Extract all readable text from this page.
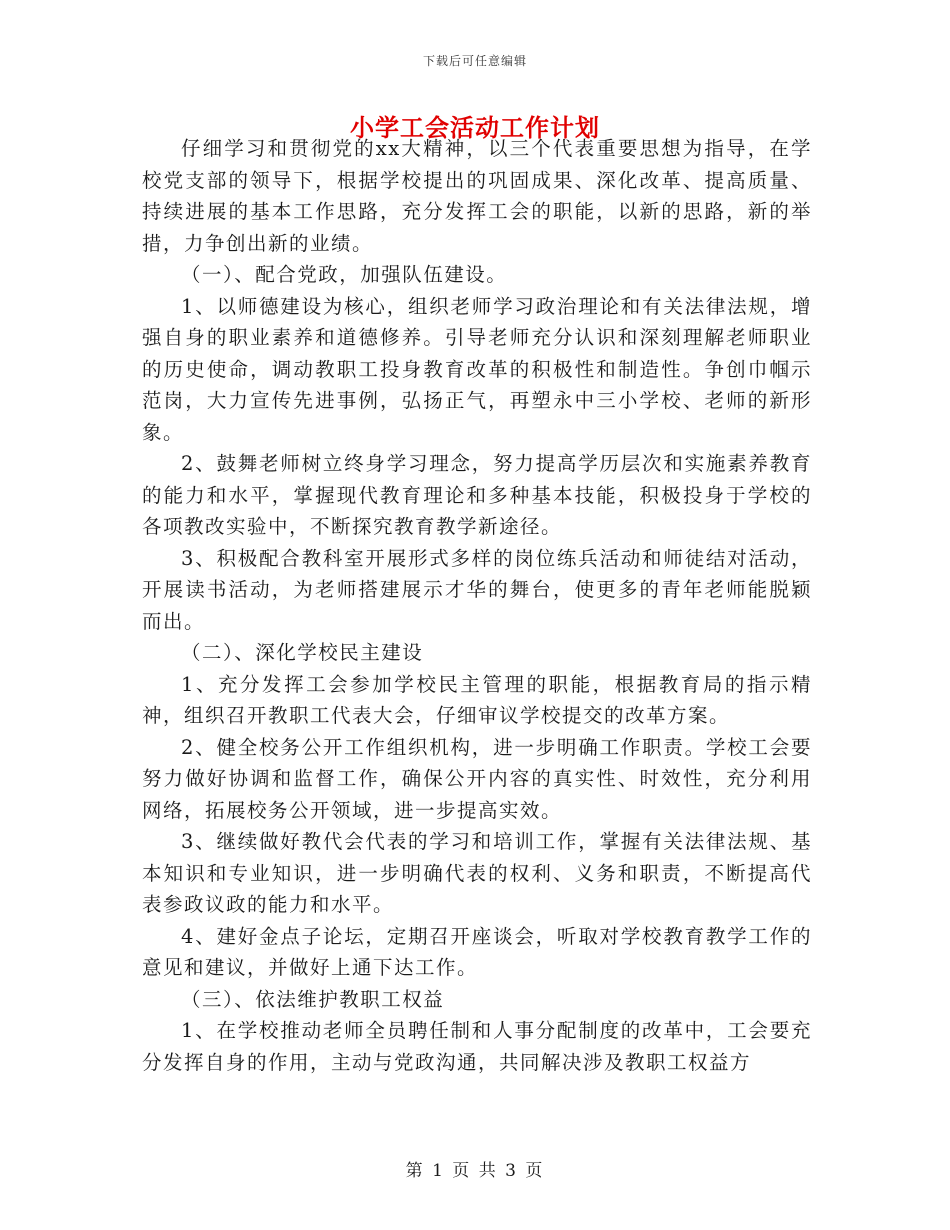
下载后可任意编辑
小学工会活动工作计划

仔细学习和贯彻党的xx大精神，以三个代表重要思想为指导，在学校党支部的领导下，根据学校提出的巩固成果、深化改革、提高质量、持续进展的基本工作思路，充分发挥工会的职能，以新的思路，新的举措，力争创出新的业绩。

（一）、配合党政，加强队伍建设。

1、以师德建设为核心，组织老师学习政治理论和有关法律法规，增强自身的职业素养和道德修养。引导老师充分认识和深刻理解老师职业的历史使命，调动教职工投身教育改革的积极性和制造性。争创巾帼示范岗，大力宣传先进事例，弘扬正气，再塑永中三小学校、老师的新形象。

2、鼓舞老师树立终身学习理念，努力提高学历层次和实施素养教育的能力和水平，掌握现代教育理论和多种基本技能，积极投身于学校的各项教改实验中，不断探究教育教学新途径。

3、积极配合教科室开展形式多样的岗位练兵活动和师徒结对活动，开展读书活动，为老师搭建展示才华的舞台，使更多的青年老师能脱颖而出。

（二）、深化学校民主建设

1、充分发挥工会参加学校民主管理的职能，根据教育局的指示精神，组织召开教职工代表大会，仔细审议学校提交的改革方案。

2、健全校务公开工作组织机构，进一步明确工作职责。学校工会要努力做好协调和监督工作，确保公开内容的真实性、时效性，充分利用网络，拓展校务公开领域，进一步提高实效。

3、继续做好教代会代表的学习和培训工作，掌握有关法律法规、基本知识和专业知识，进一步明确代表的权利、义务和职责，不断提高代表参政议政的能力和水平。

4、建好金点子论坛，定期召开座谈会，听取对学校教育教学工作的意见和建议，并做好上通下达工作。

（三）、依法维护教职工权益

1、在学校推动老师全员聘任制和人事分配制度的改革中，工会要充分发挥自身的作用，主动与党政沟通，共同解决涉及教职工权益方

第 1 页 共 3 页
